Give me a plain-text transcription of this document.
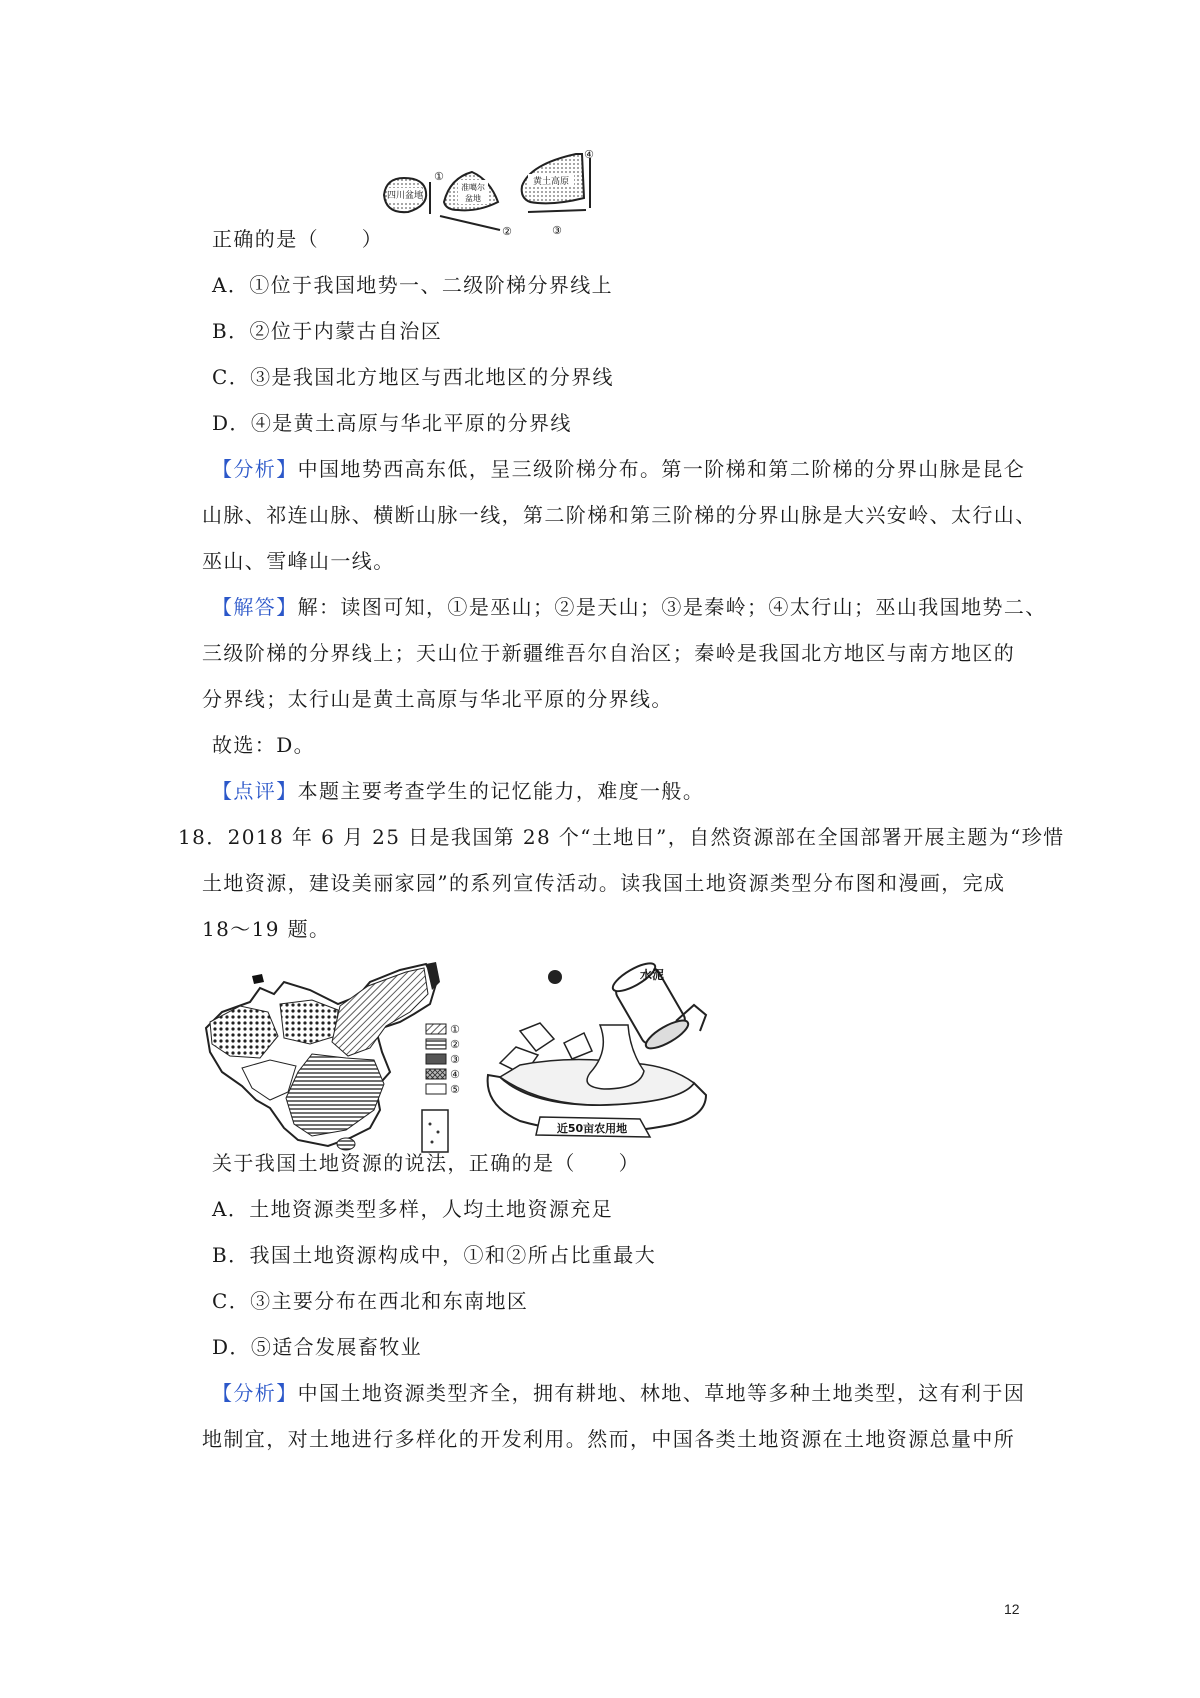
四川盆地
①
准噶尔
盆地
②
黄土高原
④
③
正确的是（　　）
A．①位于我国地势一、二级阶梯分界线上
B．②位于内蒙古自治区
C．③是我国北方地区与西北地区的分界线
D．④是黄土高原与华北平原的分界线
【分析】中国地势西高东低，呈三级阶梯分布。第一阶梯和第二阶梯的分界山脉是昆仑
山脉、祁连山脉、横断山脉一线，第二阶梯和第三阶梯的分界山脉是大兴安岭、太行山、
巫山、雪峰山一线。
【解答】解：读图可知，①是巫山；②是天山；③是秦岭；④太行山；巫山我国地势二、
三级阶梯的分界线上；天山位于新疆维吾尔自治区；秦岭是我国北方地区与南方地区的
分界线；太行山是黄土高原与华北平原的分界线。
故选：D。
【点评】本题主要考查学生的记忆能力，难度一般。
18．2018 年 6 月 25 日是我国第 28 个“土地日”，自然资源部在全国部署开展主题为“珍惜
土地资源，建设美丽家园”的系列宣传活动。读我国土地资源类型分布图和漫画，完成
18～19 题。
①
②
③
④
⑤
水泥
近50亩农用地
关于我国土地资源的说法，正确的是（　　）
A．土地资源类型多样，人均土地资源充足
B．我国土地资源构成中，①和②所占比重最大
C．③主要分布在西北和东南地区
D．⑤适合发展畜牧业
【分析】中国土地资源类型齐全，拥有耕地、林地、草地等多种土地类型，这有利于因
地制宜，对土地进行多样化的开发利用。然而，中国各类土地资源在土地资源总量中所
12
